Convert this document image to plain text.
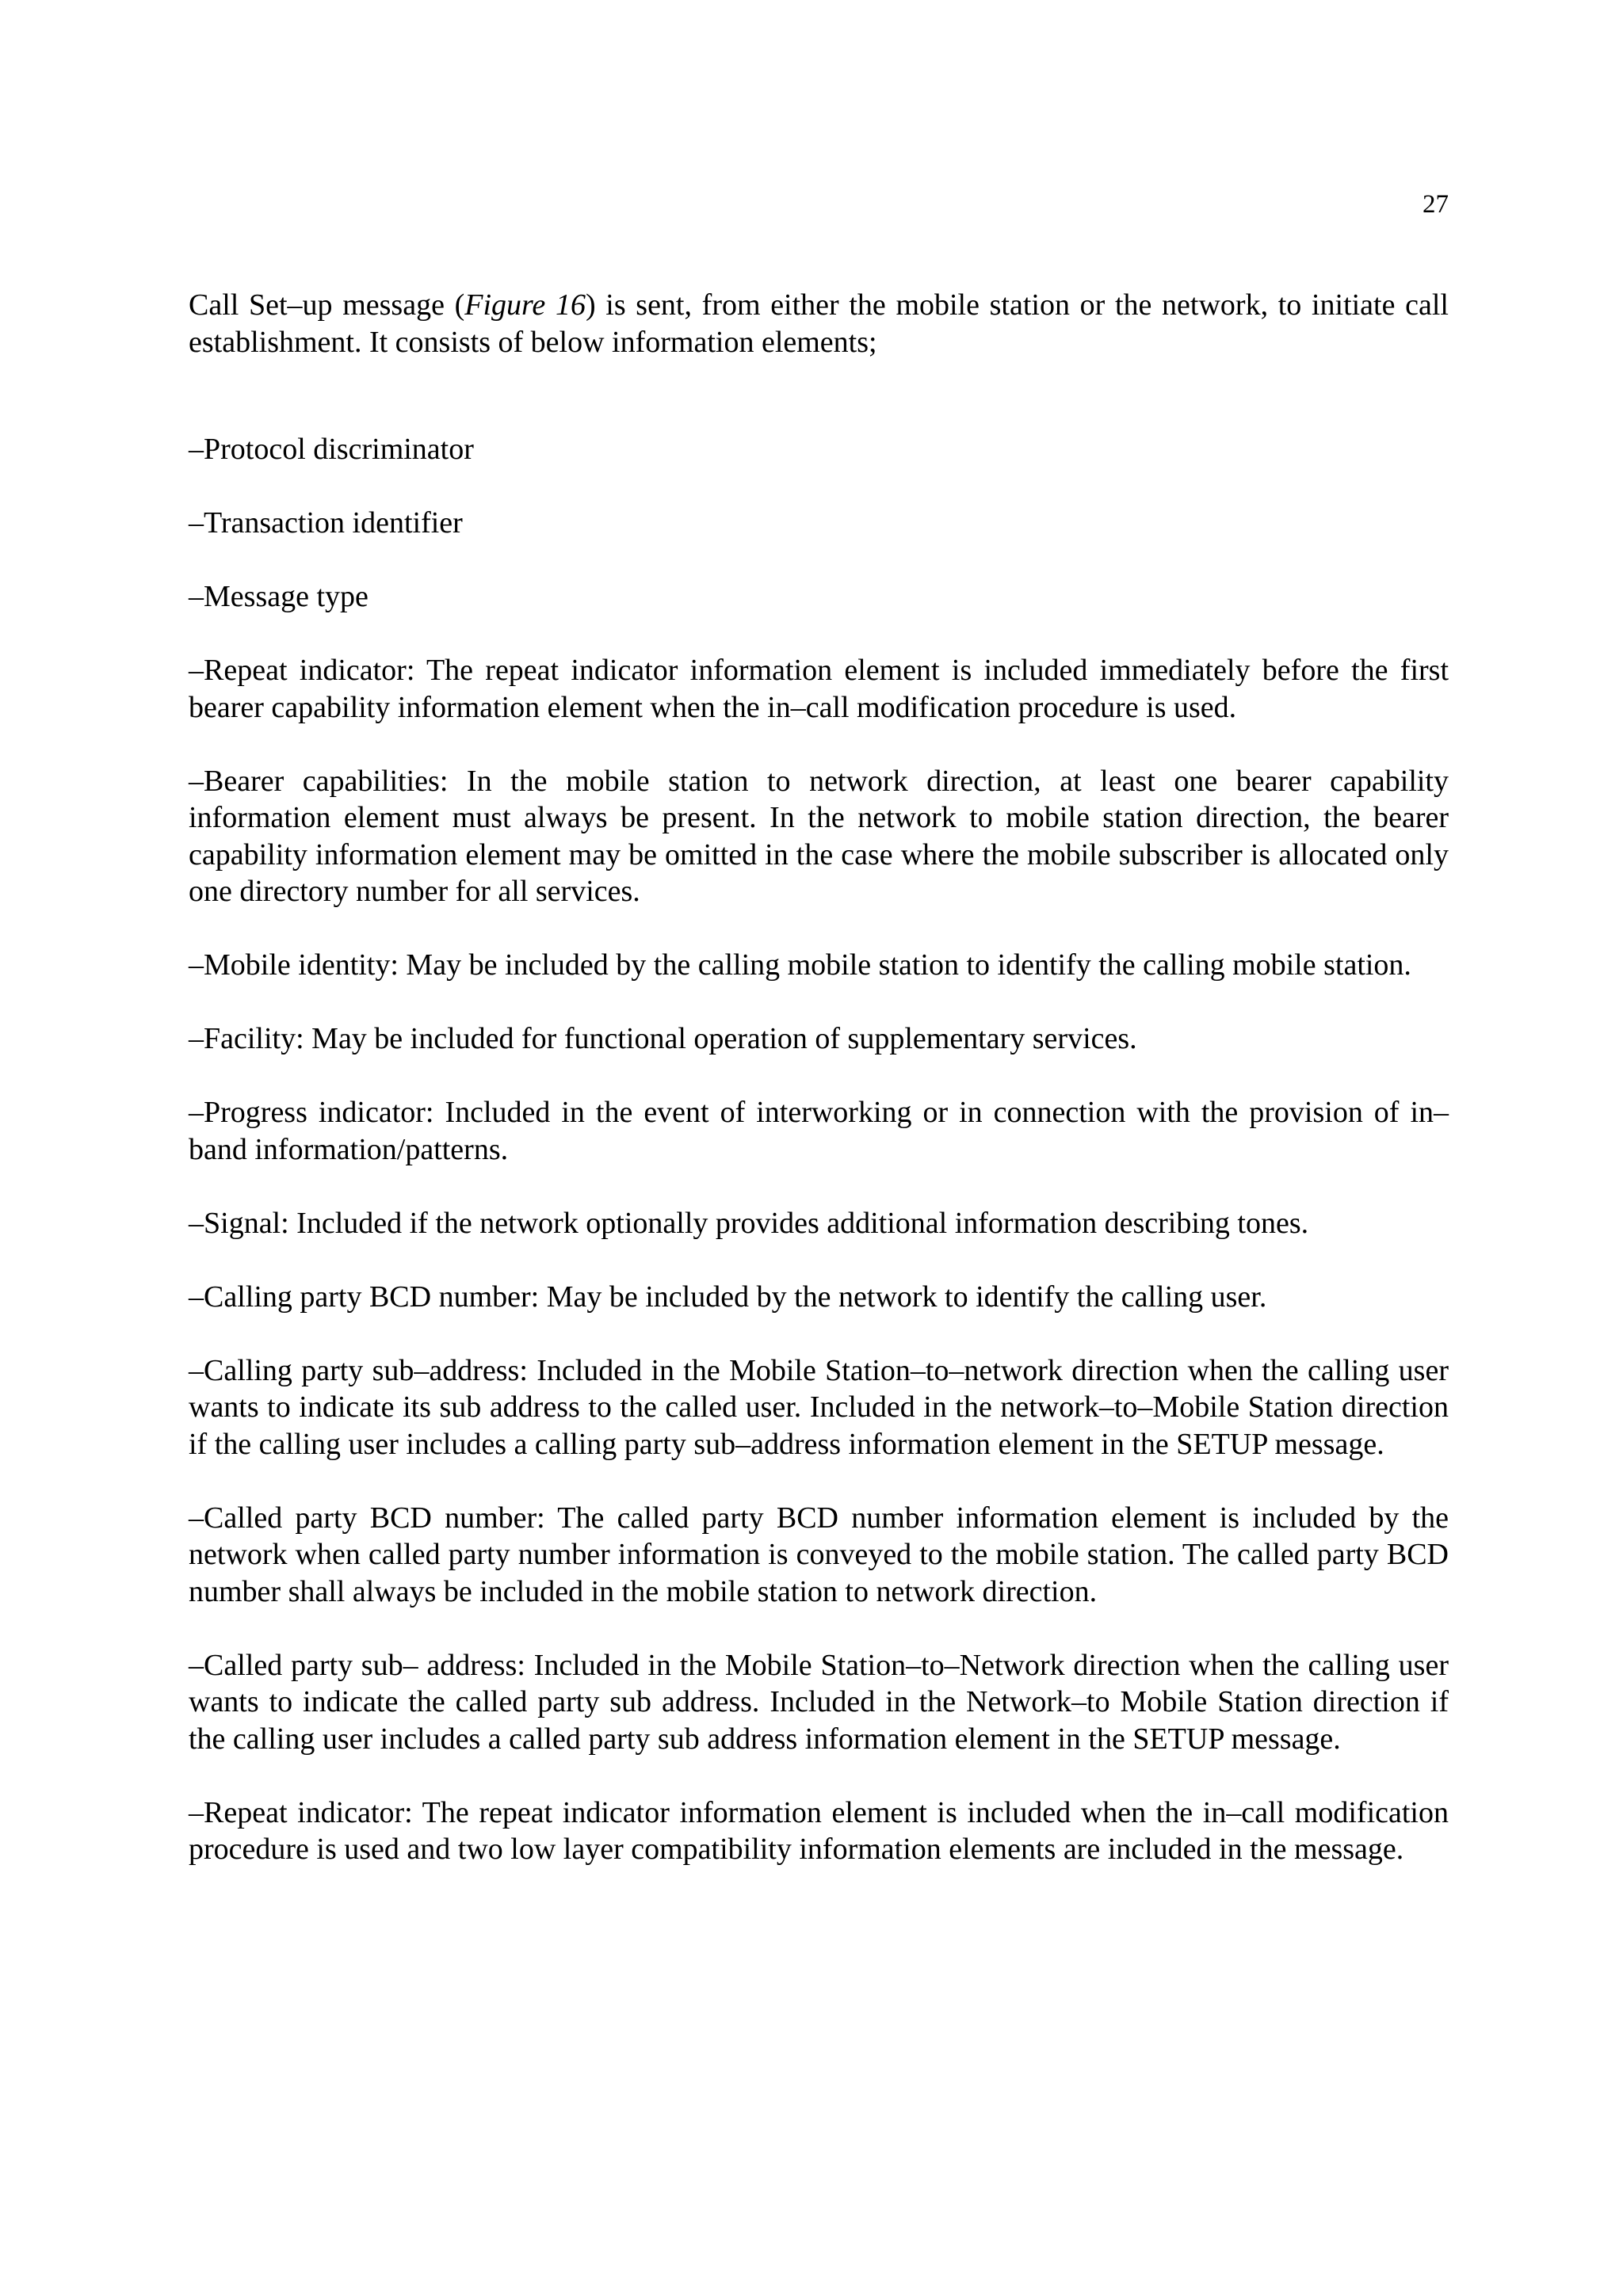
27

Call Set–up message (Figure 16) is sent, from either the mobile station or the network, to initiate call establishment. It consists of below information elements;

–Protocol discriminator

–Transaction identifier

–Message type

–Repeat indicator: The repeat indicator information element is included immediately before the first bearer capability information element when the in–call modification procedure is used.

–Bearer capabilities: In the mobile station to network direction, at least one bearer capability information element must always be present. In the network to mobile station direction, the bearer capability information element may be omitted in the case where the mobile subscriber is allocated only one directory number for all services.

–Mobile identity: May be included by the calling mobile station to identify the calling mobile station.

–Facility: May be included for functional operation of supplementary services.

–Progress indicator: Included in the event of interworking or in connection with the provision of in–band information/patterns.

–Signal: Included if the network optionally provides additional information describing tones.

–Calling party BCD number: May be included by the network to identify the calling user.

–Calling party sub–address: Included in the Mobile Station–to–network direction when the calling user wants to indicate its sub address to the called user. Included in the network–to–Mobile Station direction if the calling user includes a calling party sub–address information element in the SETUP message.

–Called party BCD number: The called party BCD number information element is included by the network when called party number information is conveyed to the mobile station. The called party BCD number shall always be included in the mobile station to network direction.

–Called party sub– address: Included in the Mobile Station–to–Network direction when the calling user wants to indicate the called party sub address. Included in the Network–to Mobile Station direction if the calling user includes a called party sub address information element in the SETUP message.

–Repeat indicator: The repeat indicator information element is included when the in–call modification procedure is used and two low layer compatibility information elements are included in the message.
